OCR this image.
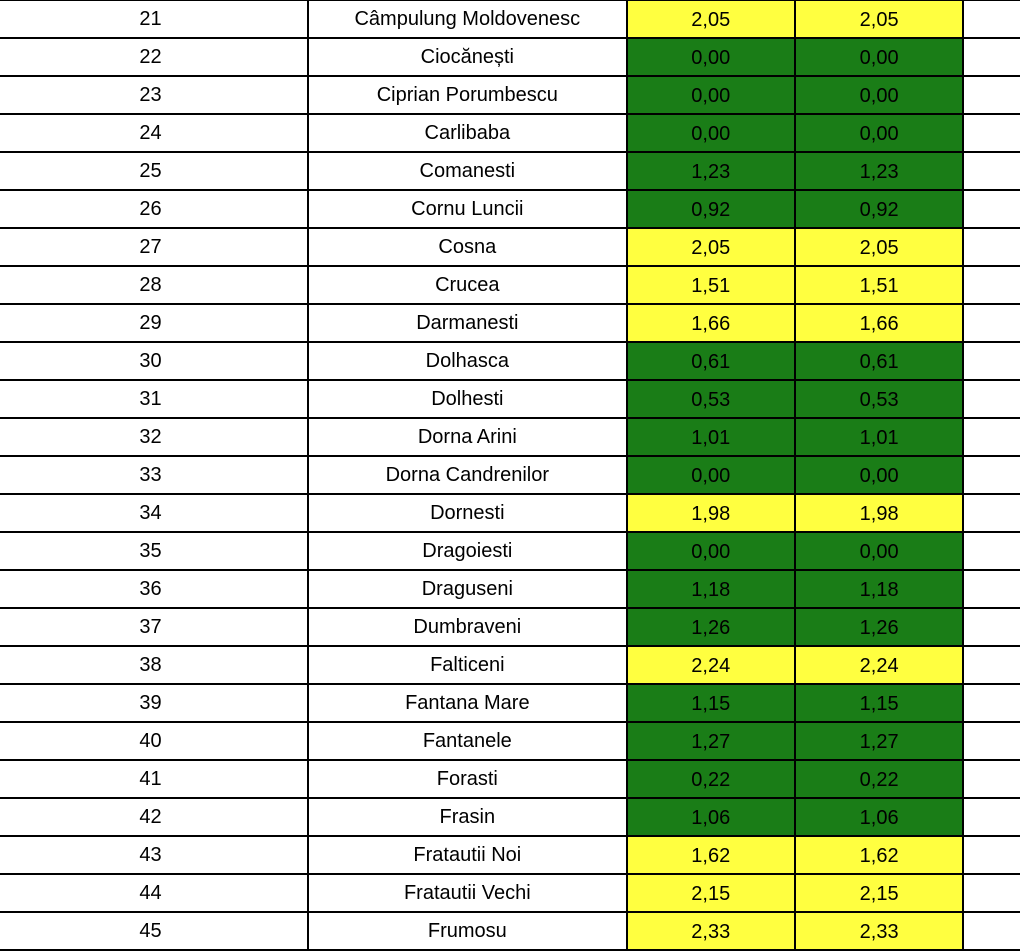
21	Câmpulung Moldovenesc	2,05	2,05	
22	Ciocănești	0,00	0,00	
23	Ciprian Porumbescu	0,00	0,00	
24	Carlibaba	0,00	0,00	
25	Comanesti	1,23	1,23	
26	Cornu Luncii	0,92	0,92	
27	Cosna	2,05	2,05	
28	Crucea	1,51	1,51	
29	Darmanesti	1,66	1,66	
30	Dolhasca	0,61	0,61	
31	Dolhesti	0,53	0,53	
32	Dorna Arini	1,01	1,01	
33	Dorna Candrenilor	0,00	0,00	
34	Dornesti	1,98	1,98	
35	Dragoiesti	0,00	0,00	
36	Draguseni	1,18	1,18	
37	Dumbraveni	1,26	1,26	
38	Falticeni	2,24	2,24	
39	Fantana Mare	1,15	1,15	
40	Fantanele	1,27	1,27	
41	Forasti	0,22	0,22	
42	Frasin	1,06	1,06	
43	Fratautii Noi	1,62	1,62	
44	Fratautii Vechi	2,15	2,15	
45	Frumosu	2,33	2,33	
